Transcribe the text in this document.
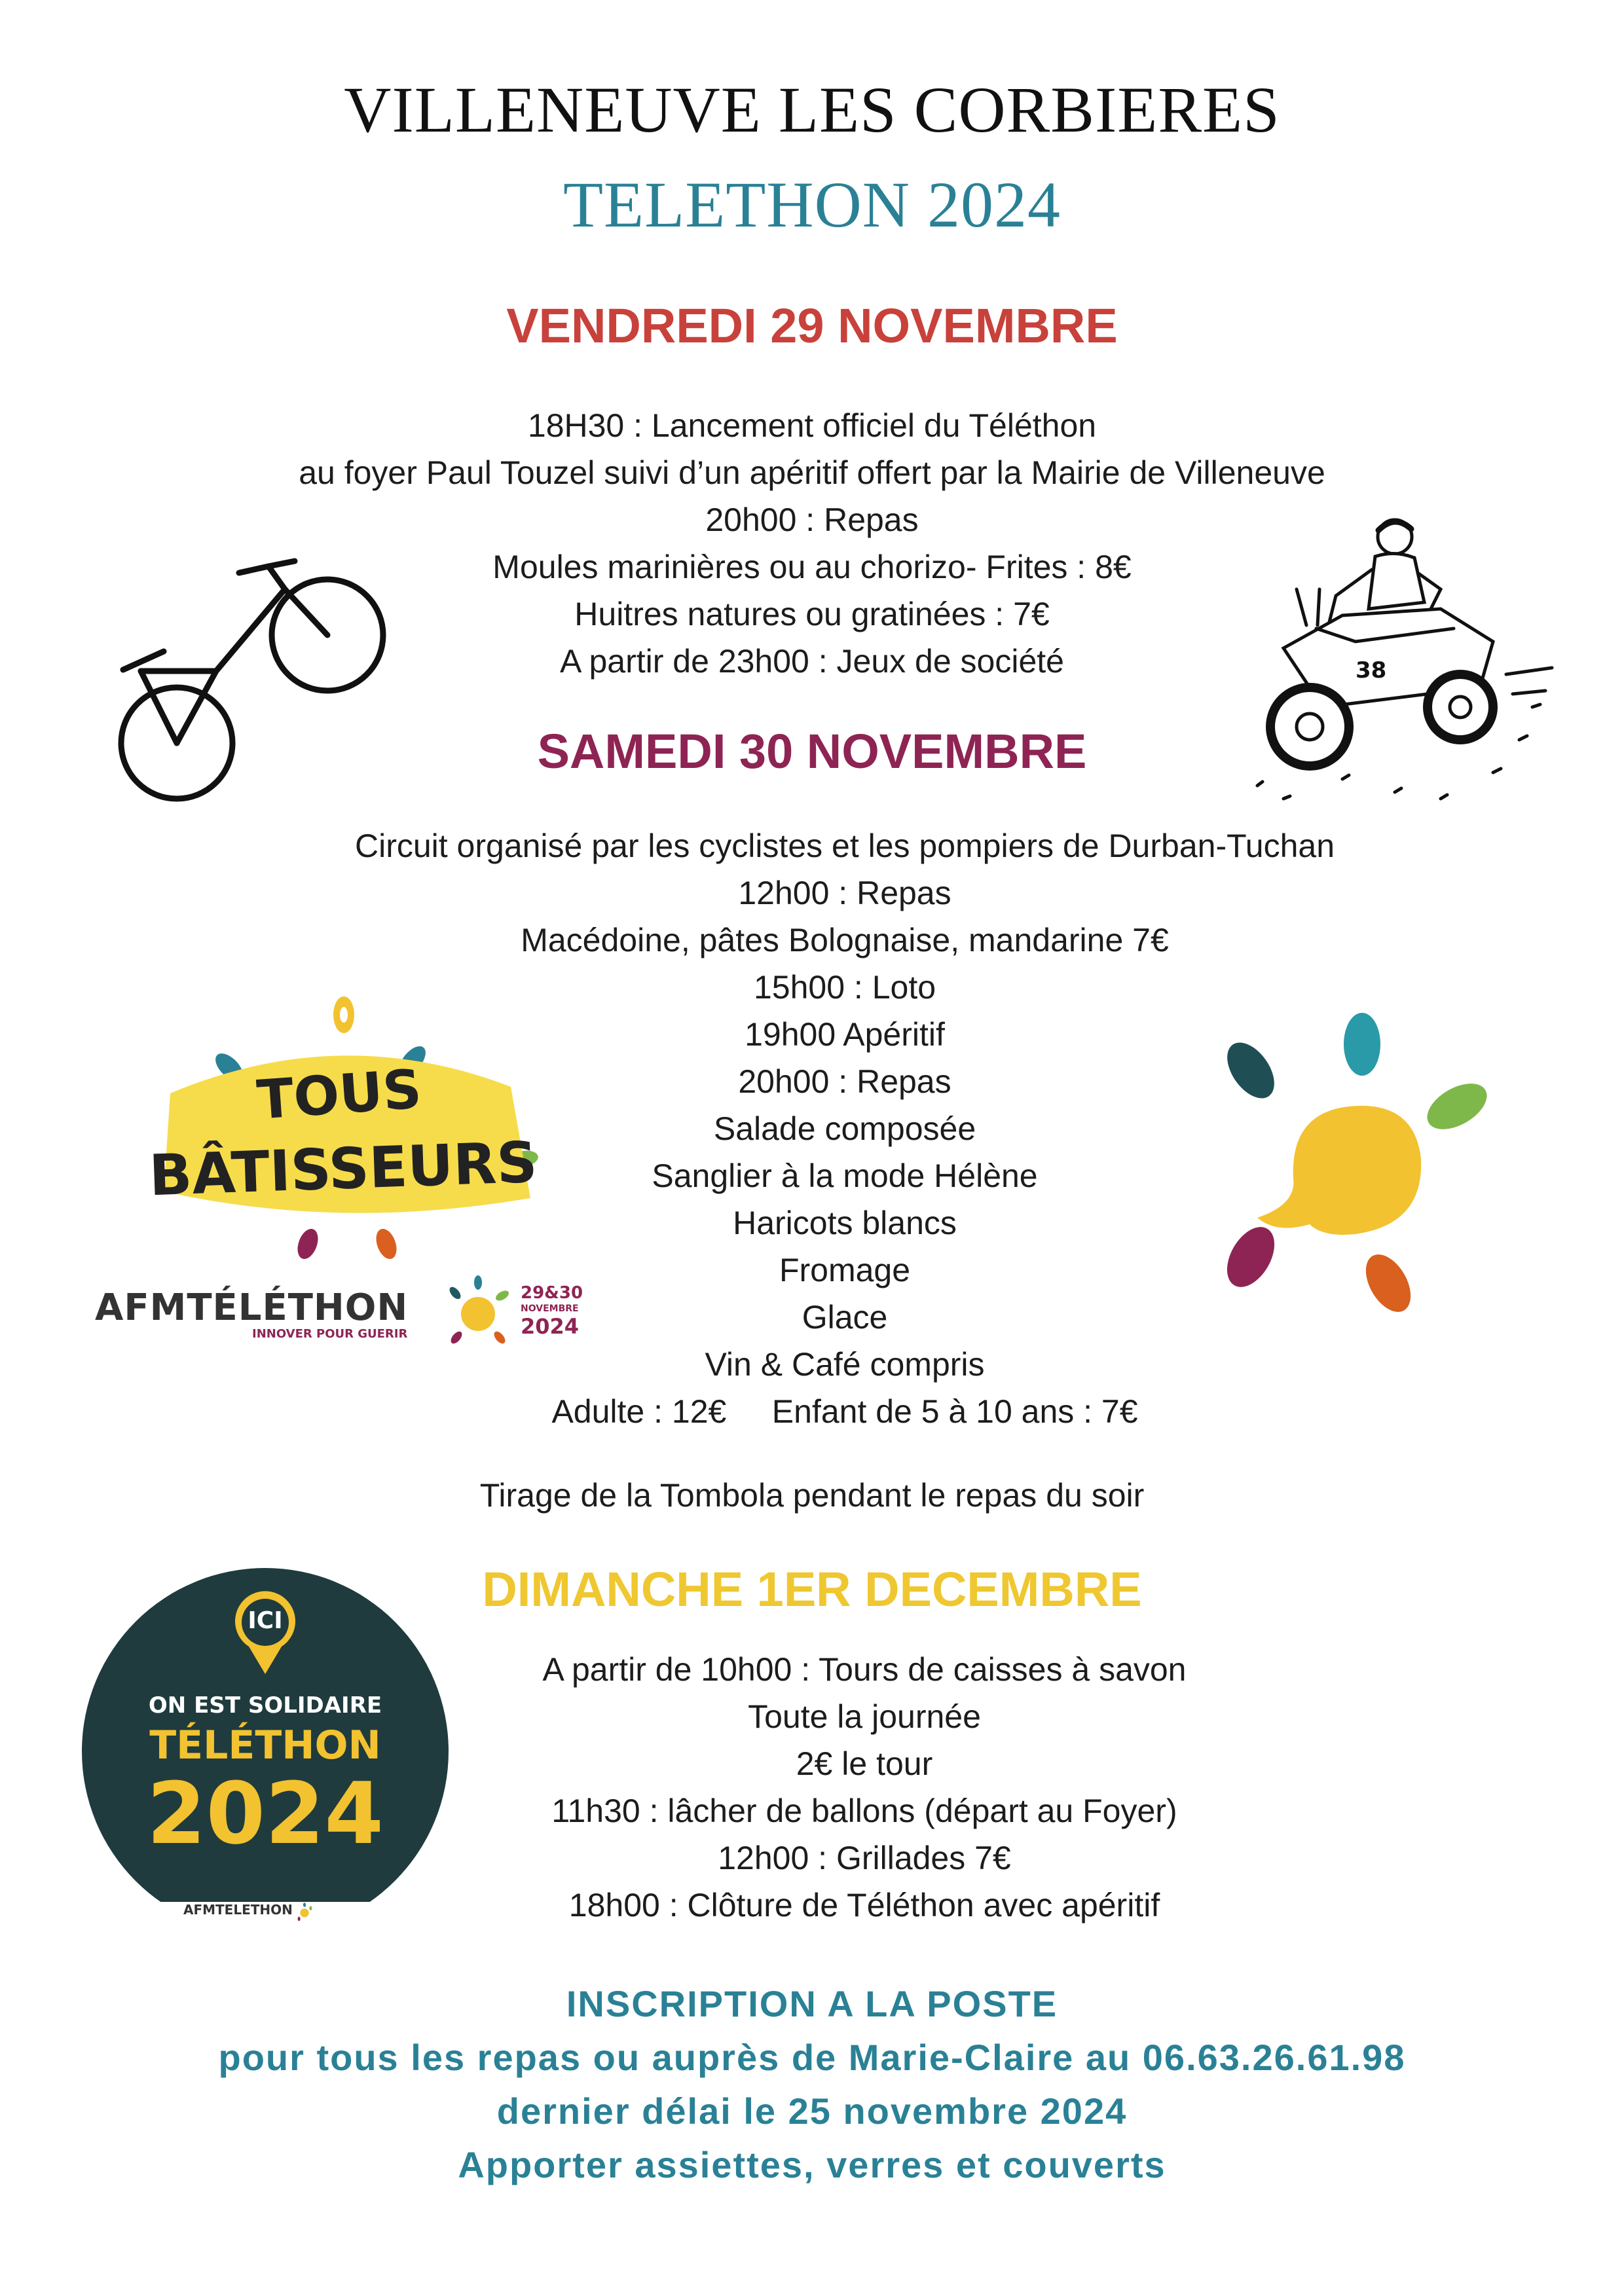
VILLENEUVE LES CORBIERES
TELETHON 2024
VENDREDI 29 NOVEMBRE
18H30 : Lancement officiel du Téléthon
au foyer Paul Touzel suivi d’un apéritif offert par la Mairie de Villeneuve
20h00 : Repas
Moules marinières ou au chorizo- Frites : 8€
Huitres natures ou gratinées : 7€
A partir de 23h00 : Jeux de société	38
SAMEDI 30 NOVEMBRE
Circuit organisé par les cyclistes et les pompiers de Durban-Tuchan
12h00 : Repas
Macédoine, pâtes Bolognaise, mandarine 7€
15h00 : Loto
19h00 Apéritif
20h00 : Repas
Salade composée
Sanglier à la mode Hélène
Haricots blancs
Fromage
Glace
Vin & Café compris
Adulte : 12€     Enfant de 5 à 10 ans : 7€
TOUS
BÂTISSEURS
AFMTÉLÉTHON
INNOVER POUR GUERIR
29&30
NOVEMBRE
2024
Tirage de la Tombola pendant le repas du soir
DIMANCHE 1ER DECEMBRE
A partir de 10h00 : Tours de caisses à savon
Toute la journée
2€ le tour
11h30 : lâcher de ballons (départ au Foyer)
12h00 : Grillades 7€
18h00 : Clôture de Téléthon avec apéritif
ICI
ON EST SOLIDAIRE
TÉLÉTHON
2024
AFMTELETHON
INSCRIPTION A LA POSTE
pour tous les repas ou auprès de Marie-Claire au 06.63.26.61.98
dernier délai le 25 novembre 2024
Apporter assiettes, verres et couverts
